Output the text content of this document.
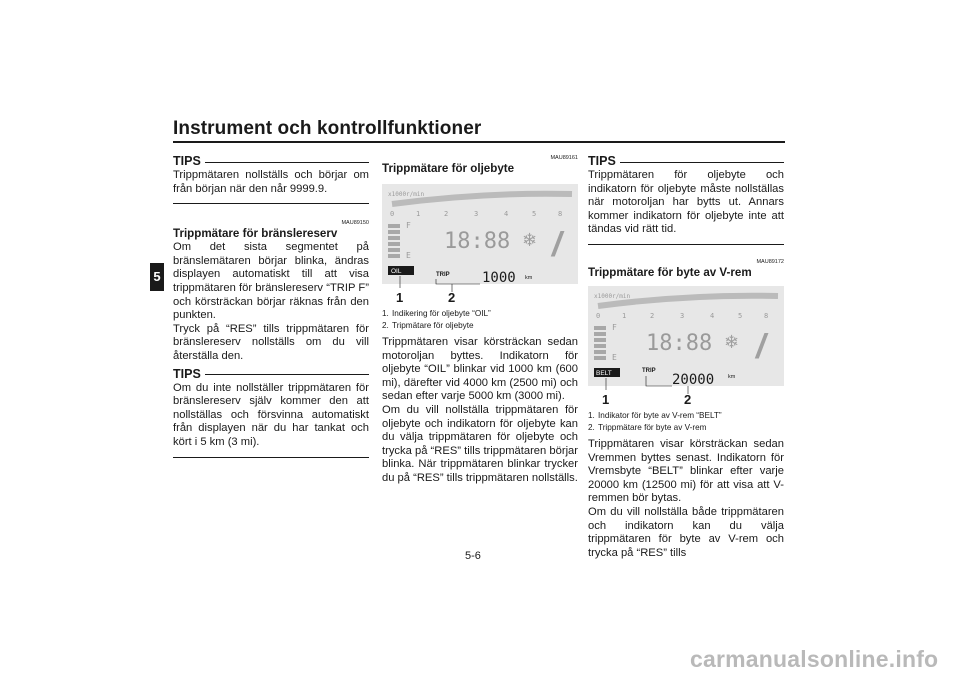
Instrument och kontrollfunktioner
5
TIPS

Trippmätaren nollställs och börjar om från början när den når 9999.9.

MAU89150
Trippmätare för bränslereserv

Om det sista segmentet på bränslemätaren börjar blinka, ändras displayen automatiskt till att visa trippmätaren för bränslereserv “TRIP F” och körsträckan börjar räknas från den punkten.

Tryck på “RES” tills trippmätaren för bränslereserv nollställs om du vill återställa den.

TIPS

Om du inte nollställer trippmätaren för bränslereserv själv kommer den att nollställas och försvinna automatiskt från displayen när du har tankat och kört i 5 km (3 mi).

MAU89161
Trippmätare för oljebyte
x1000r/min
0	1	2	3	4	5	8
F
E
18:88 ❄ /
OIL	TRIP 1000 km
1	2
1. Indikering för oljebyte “OIL”
2. Tripmätare för oljebyte

Trippmätaren visar körsträckan sedan motoroljan byttes. Indikatorn för oljebyte “OIL” blinkar vid 1000 km (600 mi), därefter vid 4000 km (2500 mi) och sedan efter varje 5000 km (3000 mi).

Om du vill nollställa trippmätaren för oljebyte och indikatorn för oljebyte kan du välja trippmätaren för oljebyte och trycka på “RES” tills trippmätaren börjar blinka. När trippmätaren blinkar trycker du på “RES” tills trippmätaren nollställs.

TIPS

Trippmätaren för oljebyte och indikatorn för oljebyte måste nollställas när motoroljan har bytts ut. Annars kommer indikatorn för oljebyte inte att tändas vid rätt tid.

MAU89172
Trippmätare för byte av V-rem
x1000r/min
0	1	2	3	4	5	8
F
E
18:88 ❄ /
BELT	TRIP
20000	km
1	2
1. Indikator för byte av V-rem “BELT”
2. Trippmätare för byte av V-rem

Trippmätaren visar körsträckan sedan Vremmen byttes senast. Indikatorn för Vremsbyte “BELT” blinkar efter varje 20000 km (12500 mi) för att visa att V-remmen bör bytas.

Om du vill nollställa både trippmätaren och indikatorn kan du välja trippmätaren för byte av V-rem och trycka på “RES” tills

5-6
carmanualsonline.info
